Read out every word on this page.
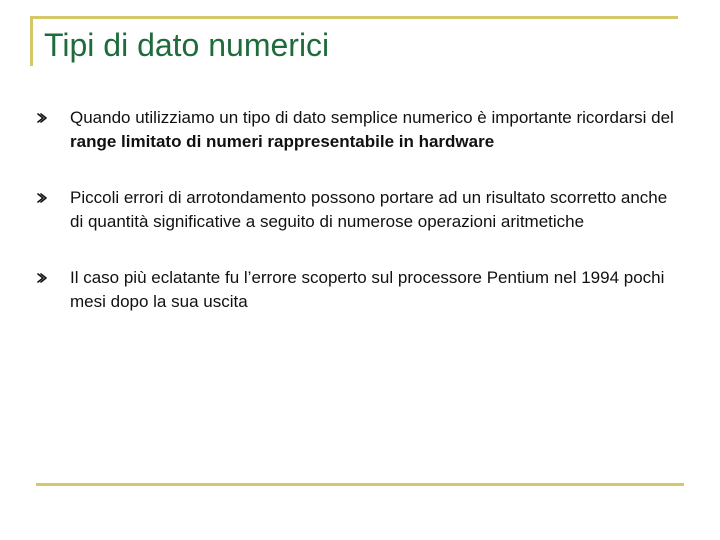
Tipi di dato numerici
Quando utilizziamo un tipo di dato semplice numerico è importante ricordarsi del range limitato di numeri rappresentabile in hardware
Piccoli errori di arrotondamento possono portare ad un risultato scorretto anche di quantità significative a seguito di numerose operazioni aritmetiche
Il caso più eclatante fu l’errore scoperto sul processore Pentium nel 1994 pochi mesi dopo la sua uscita
